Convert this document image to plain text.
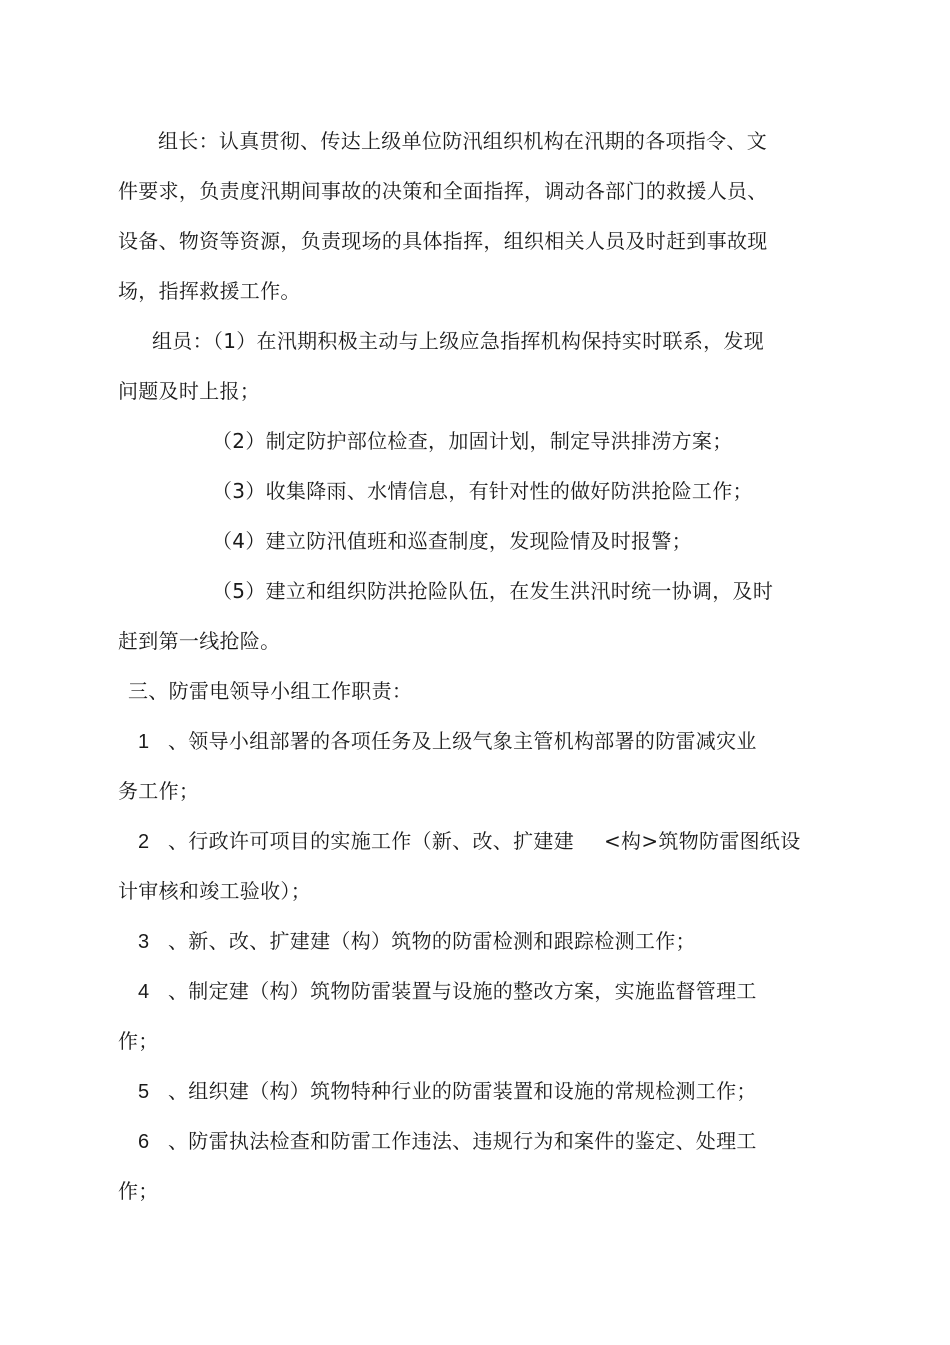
组长：认真贯彻、传达上级单位防汛组织机构在汛期的各项指令、文
件要求，负责度汛期间事故的决策和全面指挥，调动各部门的救援人员、
设备、物资等资源，负责现场的具体指挥，组织相关人员及时赶到事故现
场，指挥救援工作。
组员：（1）在汛期积极主动与上级应急指挥机构保持实时联系，发现
问题及时上报；
（2）制定防护部位检查，加固计划，制定导洪排涝方案；
（3）收集降雨、水情信息，有针对性的做好防洪抢险工作；
（4）建立防汛值班和巡查制度，发现险情及时报警；
（5）建立和组织防洪抢险队伍，在发生洪汛时统一协调，及时
赶到第一线抢险。
三、防雷电领导小组工作职责：
1 、领导小组部署的各项任务及上级气象主管机构部署的防雷减灾业
务工作；
2 、行政许可项目的实施工作（新、改、扩建建 <构>筑物防雷图纸设
计审核和竣工验收）；
3 、新、改、扩建建（构）筑物的防雷检测和跟踪检测工作；
4 、制定建（构）筑物防雷装置与设施的整改方案，实施监督管理工
作；
5 、组织建（构）筑物特种行业的防雷装置和设施的常规检测工作；
6 、防雷执法检查和防雷工作违法、违规行为和案件的鉴定、处理工
作；
